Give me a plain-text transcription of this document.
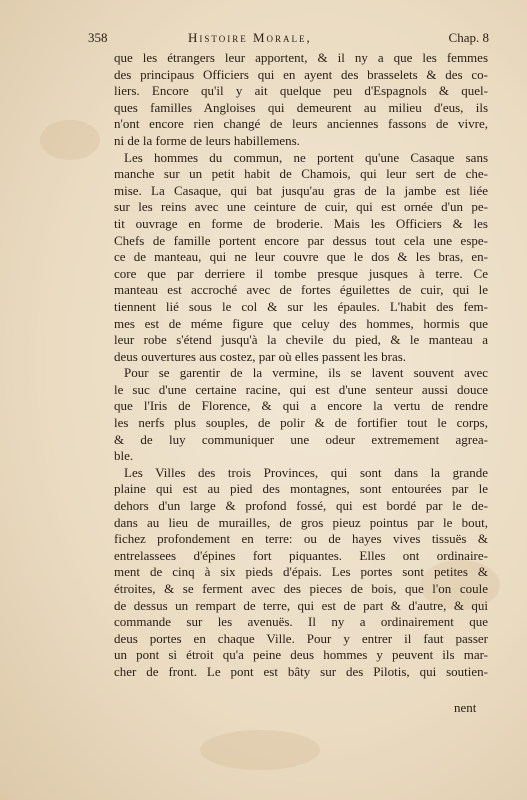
358	Histoire Morale,	Chap. 8
que les étrangers leur apportent, & il ny a que les femmes
des principaus Officiers qui en ayent des brasselets & des co-
liers. Encore qu'il y ait quelque peu d'Espagnols & quel-
ques familles Angloises qui demeurent au milieu d'eus, ils
n'ont encore rien changé de leurs anciennes fassons de vivre,
ni de la forme de leurs habillemens.
Les hommes du commun, ne portent qu'une Casaque sans
manche sur un petit habit de Chamois, qui leur sert de che-
mise. La Casaque, qui bat jusqu'au gras de la jambe est liée
sur les reins avec une ceinture de cuir, qui est ornée d'un pe-
tit ouvrage en forme de broderie. Mais les Officiers & les
Chefs de famille portent encore par dessus tout cela une espe-
ce de manteau, qui ne leur couvre que le dos & les bras, en-
core que par derriere il tombe presque jusques à terre. Ce
manteau est accroché avec de fortes éguilettes de cuir, qui le
tiennent lié sous le col & sur les épaules. L'habit des fem-
mes est de méme figure que celuy des hommes, hormis que
leur robe s'étend jusqu'à la chevile du pied, & le manteau a
deus ouvertures aus costez, par où elles passent les bras.
Pour se garentir de la vermine, ils se lavent souvent avec
le suc d'une certaine racine, qui est d'une senteur aussi douce
que l'Iris de Florence, & qui a encore la vertu de rendre
les nerfs plus souples, de polir & de fortifier tout le corps,
& de luy communiquer une odeur extremement agrea-
ble.
Les Villes des trois Provinces, qui sont dans la grande
plaine qui est au pied des montagnes, sont entourées par le
dehors d'un large & profond fossé, qui est bordé par le de-
dans au lieu de murailles, de gros pieuz pointus par le bout,
fichez profondement en terre: ou de hayes vives tissuës &
entrelassees d'épines fort piquantes. Elles ont ordinaire-
ment de cinq à six pieds d'épais. Les portes sont petites &
étroites, & se ferment avec des pieces de bois, que l'on coule
de dessus un rempart de terre, qui est de part & d'autre, & qui
commande sur les avenuës. Il ny a ordinairement que
deus portes en chaque Ville. Pour y entrer il faut passer
un pont si étroit qu'a peine deus hommes y peuvent ils mar-
cher de front. Le pont est bâty sur des Pilotis, qui soutien-
nent
